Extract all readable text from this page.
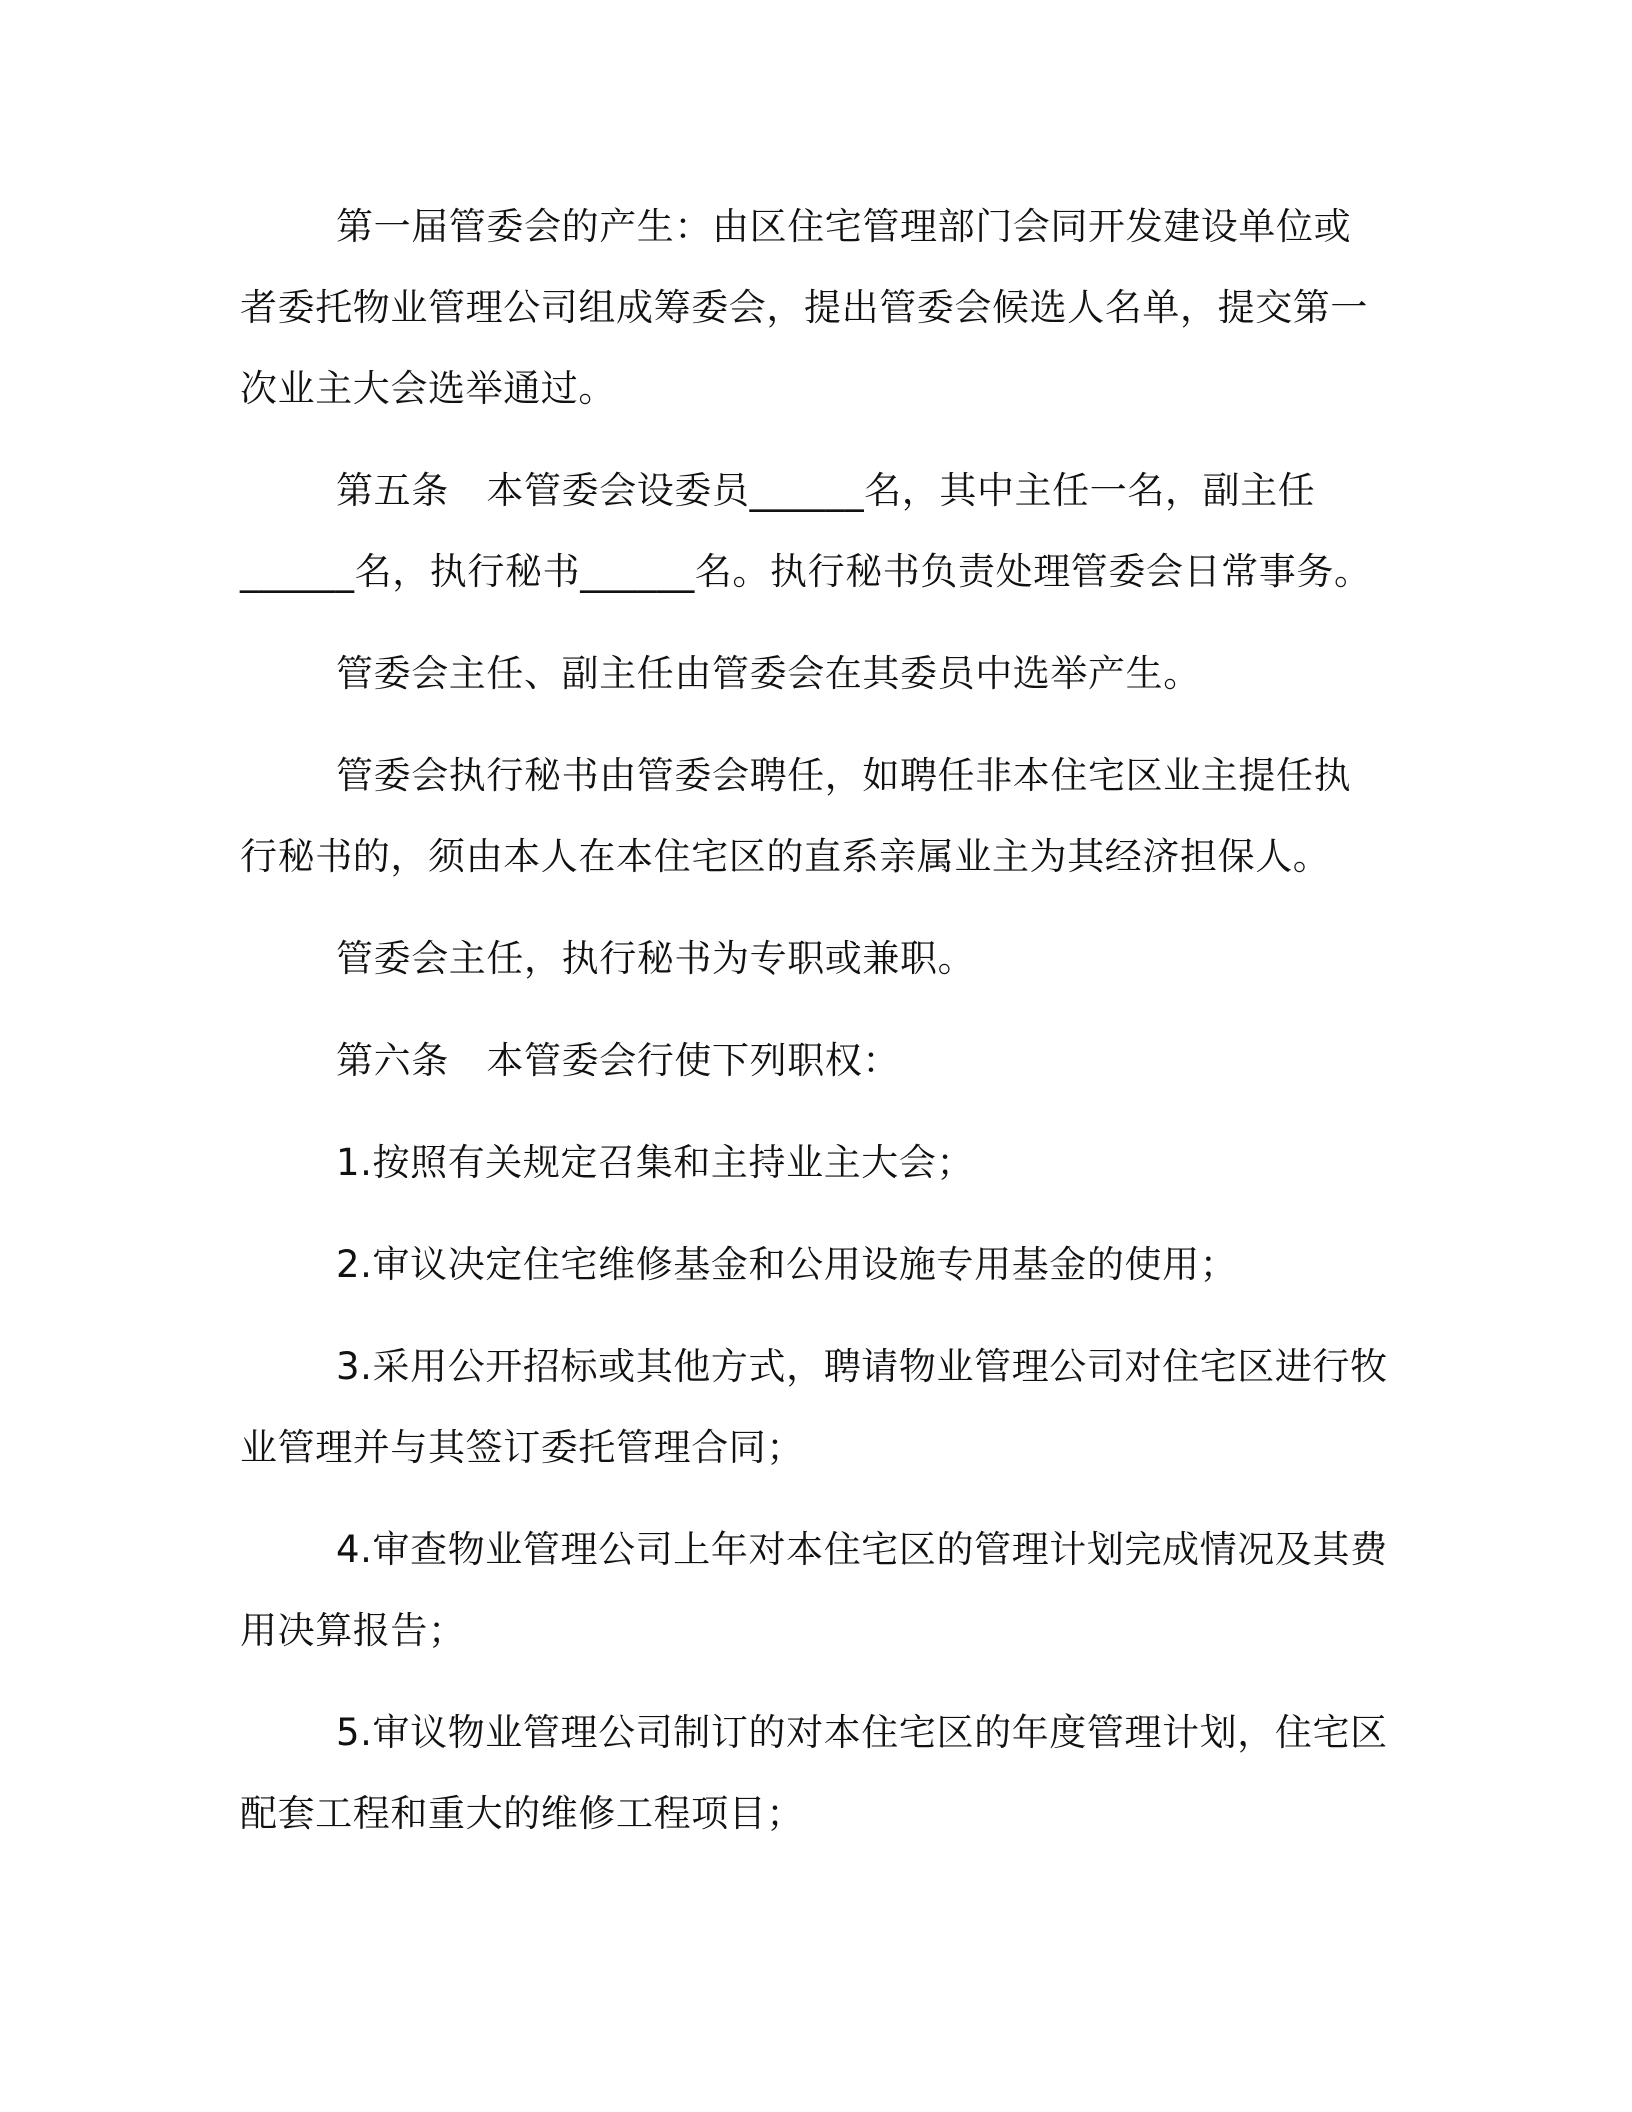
第一届管委会的产生：由区住宅管理部门会同开发建设单位或者委托物业管理公司组成筹委会，提出管委会候选人名单，提交第一次业主大会选举通过。

第五条　本管委会设委员______名，其中主任一名，副主任______名，执行秘书______名。执行秘书负责处理管委会日常事务。

管委会主任、副主任由管委会在其委员中选举产生。

管委会执行秘书由管委会聘任，如聘任非本住宅区业主提任执行秘书的，须由本人在本住宅区的直系亲属业主为其经济担保人。

管委会主任，执行秘书为专职或兼职。

第六条　本管委会行使下列职权：

1.按照有关规定召集和主持业主大会；

2.审议决定住宅维修基金和公用设施专用基金的使用；

3.采用公开招标或其他方式，聘请物业管理公司对住宅区进行牧业管理并与其签订委托管理合同；

4.审查物业管理公司上年对本住宅区的管理计划完成情况及其费用决算报告；

5.审议物业管理公司制订的对本住宅区的年度管理计划，住宅区配套工程和重大的维修工程项目；
